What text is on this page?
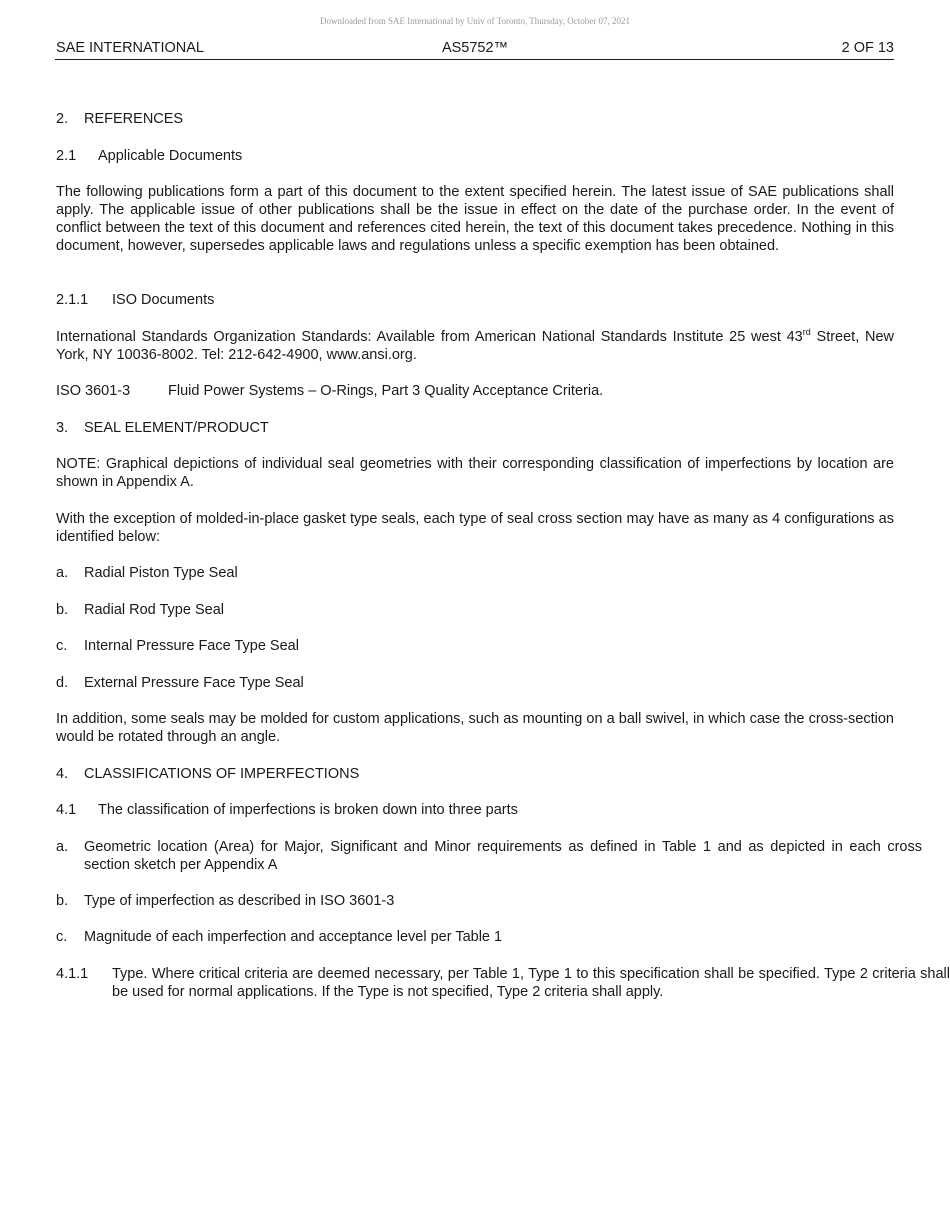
Downloaded from SAE International by Univ of Toronto, Thursday, October 07, 2021
SAE INTERNATIONAL	AS5752™	2 OF 13
2. REFERENCES
2.1 Applicable Documents
The following publications form a part of this document to the extent specified herein. The latest issue of SAE publications shall apply. The applicable issue of other publications shall be the issue in effect on the date of the purchase order. In the event of conflict between the text of this document and references cited herein, the text of this document takes precedence. Nothing in this document, however, supersedes applicable laws and regulations unless a specific exemption has been obtained.
2.1.1 ISO Documents
International Standards Organization Standards: Available from American National Standards Institute 25 west 43rd Street, New York, NY 10036-8002. Tel: 212-642-4900, www.ansi.org.
ISO 3601-3	Fluid Power Systems – O-Rings, Part 3 Quality Acceptance Criteria.
3. SEAL ELEMENT/PRODUCT
NOTE: Graphical depictions of individual seal geometries with their corresponding classification of imperfections by location are shown in Appendix A.
With the exception of molded-in-place gasket type seals, each type of seal cross section may have as many as 4 configurations as identified below:
a. Radial Piston Type Seal
b. Radial Rod Type Seal
c. Internal Pressure Face Type Seal
d. External Pressure Face Type Seal
In addition, some seals may be molded for custom applications, such as mounting on a ball swivel, in which case the cross-section would be rotated through an angle.
4. CLASSIFICATIONS OF IMPERFECTIONS
4.1 The classification of imperfections is broken down into three parts
a. Geometric location (Area) for Major, Significant and Minor requirements as defined in Table 1 and as depicted in each cross section sketch per Appendix A
b. Type of imperfection as described in ISO 3601-3
c. Magnitude of each imperfection and acceptance level per Table 1
4.1.1 Type. Where critical criteria are deemed necessary, per Table 1, Type 1 to this specification shall be specified. Type 2 criteria shall be used for normal applications. If the Type is not specified, Type 2 criteria shall apply.
